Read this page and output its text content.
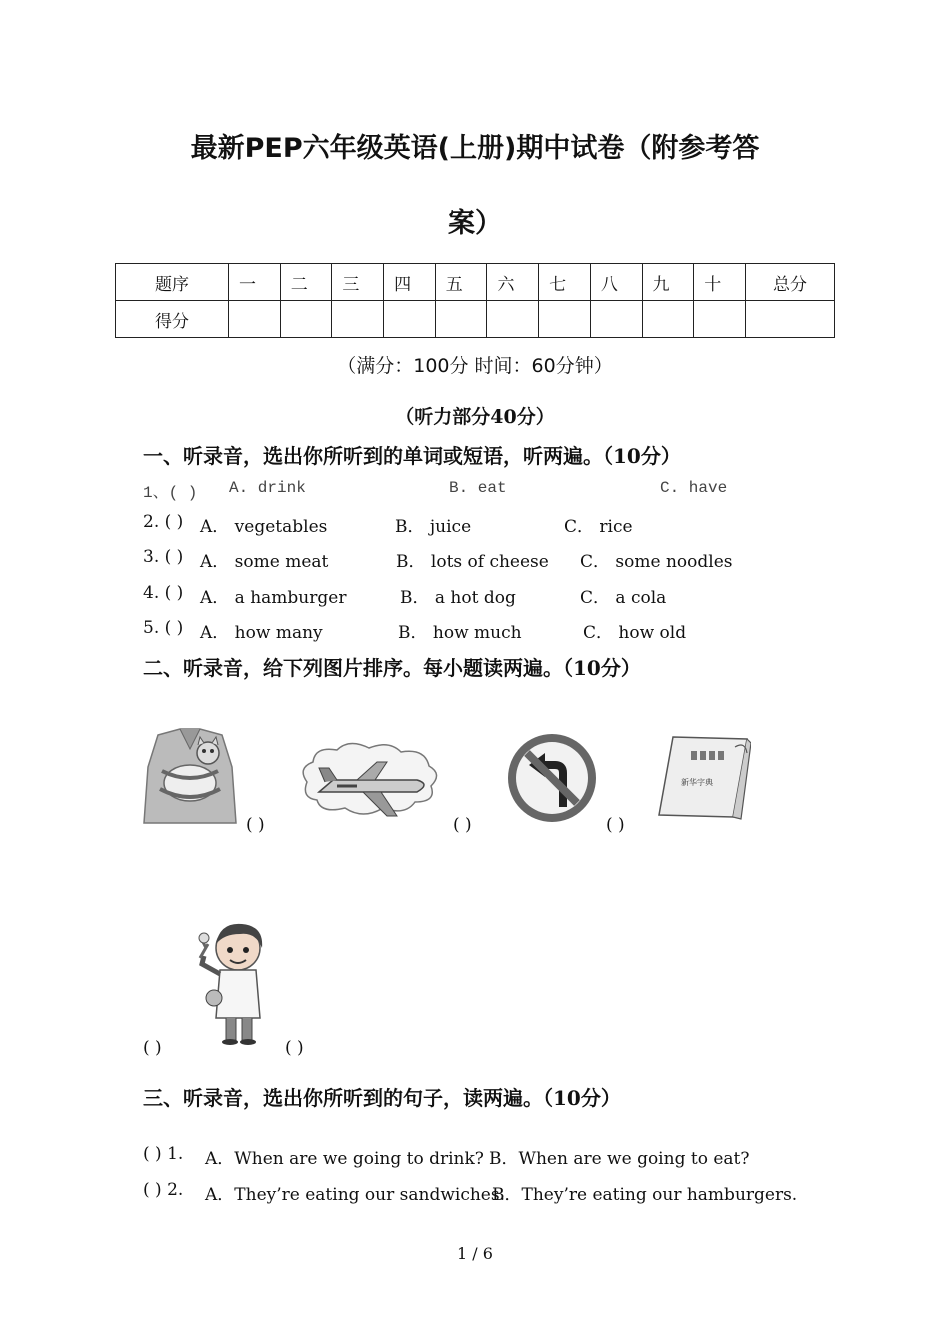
最新PEP六年级英语(上册)期中试卷（附参考答
案）
题序	一	二	三	四	五	六	七	八	九	十	总分
得分											
（满分：100分 时间：60分钟）
（听力部分40分）
一、听录音，选出你所听到的单词或短语，听两遍。（10分）
1、( ) A. drink	B. eat	C. have
2. ( ) A． vegetables	B． juice	C． rice
3. ( ) A． some meat	B． lots of cheese C． some noodles
4. ( ) A． a hamburger	B． a hot dog	C． a cola
5. ( ) A． how many	B． how much	C． how old
二、听录音，给下列图片排序。每小题读两遍。（10分）
( )	( )	( )
新华字典
( )	( )
三、听录音，选出你所听到的句子，读两遍。（10分）
( ) 1. A．When are we going to drink? B．When are we going to eat?
( ) 2. A．They’re eating our sandwiches.
B．They’re eating our hamburgers.
1 / 6
